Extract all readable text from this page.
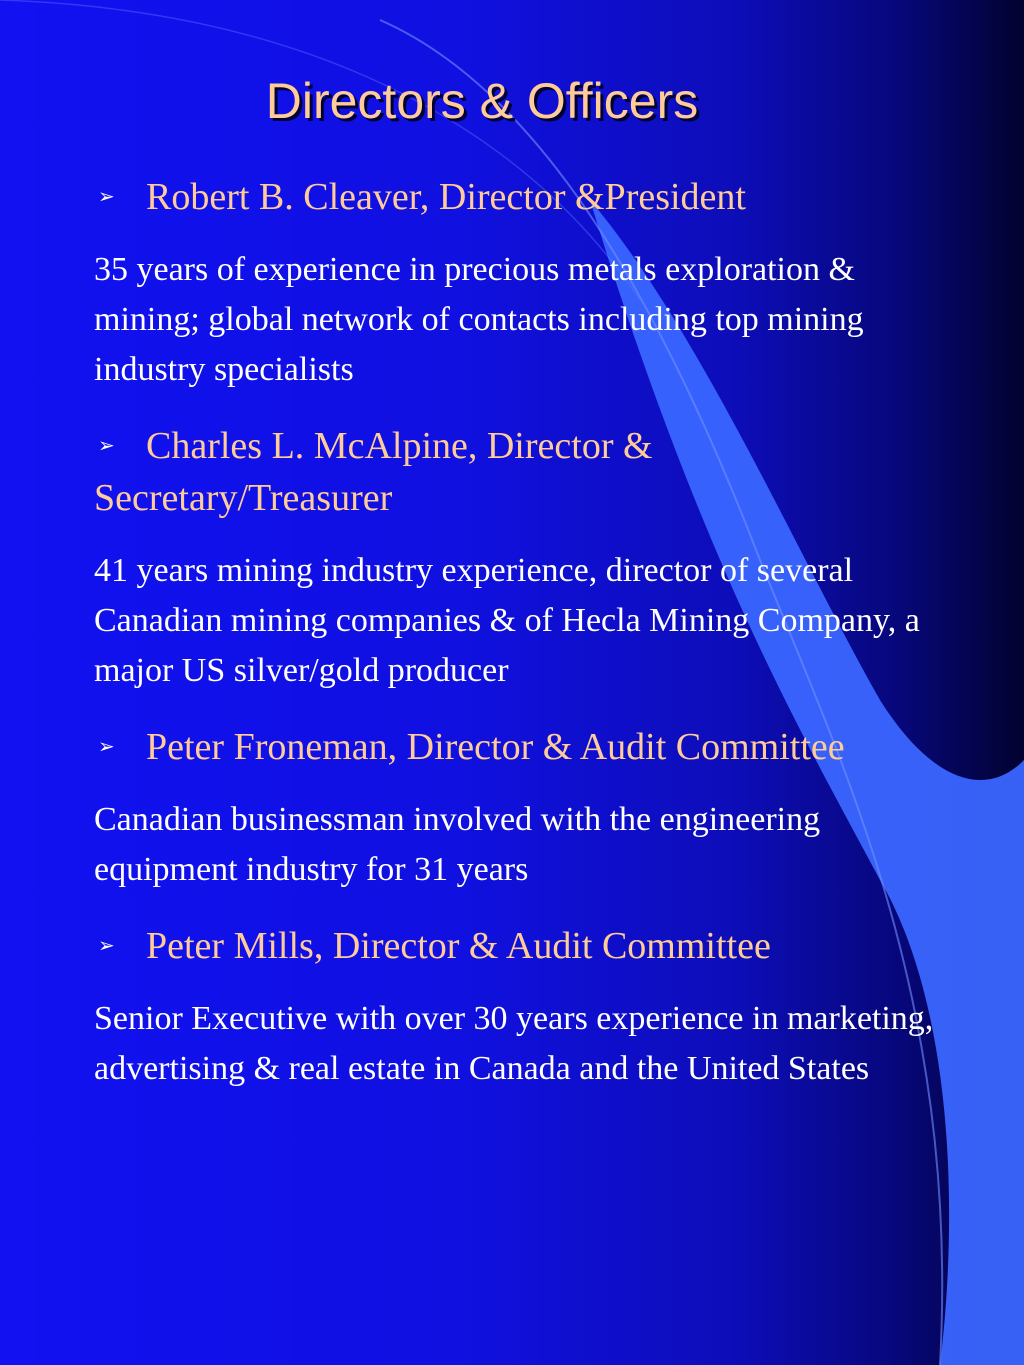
Directors & Officers

➢ Robert B. Cleaver, Director &President

35 years of experience in precious metals exploration & mining; global network of contacts including top mining industry specialists

➢ Charles L. McAlpine, Director & Secretary/Treasurer

41 years mining industry experience, director of several Canadian mining companies & of Hecla Mining Company, a major US silver/gold producer

➢ Peter Froneman, Director & Audit Committee

Canadian businessman involved with the engineering equipment industry for 31 years

➢ Peter Mills, Director & Audit Committee

Senior Executive with over 30 years experience in marketing, advertising & real estate in Canada and the United States
